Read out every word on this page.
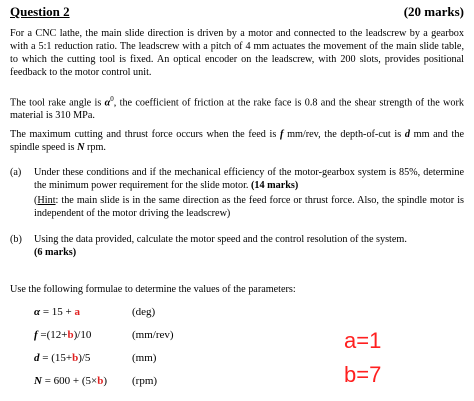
Question 2	(20 marks)
For a CNC lathe, the main slide direction is driven by a motor and connected to the leadscrew by a gearbox with a 5:1 reduction ratio. The leadscrew with a pitch of 4 mm actuates the movement of the main slide table, to which the cutting tool is fixed. An optical encoder on the leadscrew, with 200 slots, provides positional feedback to the motor control unit.
The tool rake angle is $\alpha^0$, the coefficient of friction at the rake face is 0.8 and the shear strength of the work material is 310 MPa.
The maximum cutting and thrust force occurs when the feed is f mm/rev, the depth-of-cut is d mm and the spindle speed is N rpm.
(a) Under these conditions and if the mechanical efficiency of the motor-gearbox system is 85%, determine the minimum power requirement for the slide motor. (14 marks)
(Hint: the main slide is in the same direction as the feed force or thrust force. Also, the spindle motor is independent of the motor driving the leadscrew)
(b) Using the data provided, calculate the motor speed and the control resolution of the system.
(6 marks)
Use the following formulae to determine the values of the parameters:
α = 15 + a	(deg)
f =(12+b)/10	(mm/rev)
d = (15+b)/5	(mm)
N = 600 + (5×b) (rpm)
a=1
b=7
